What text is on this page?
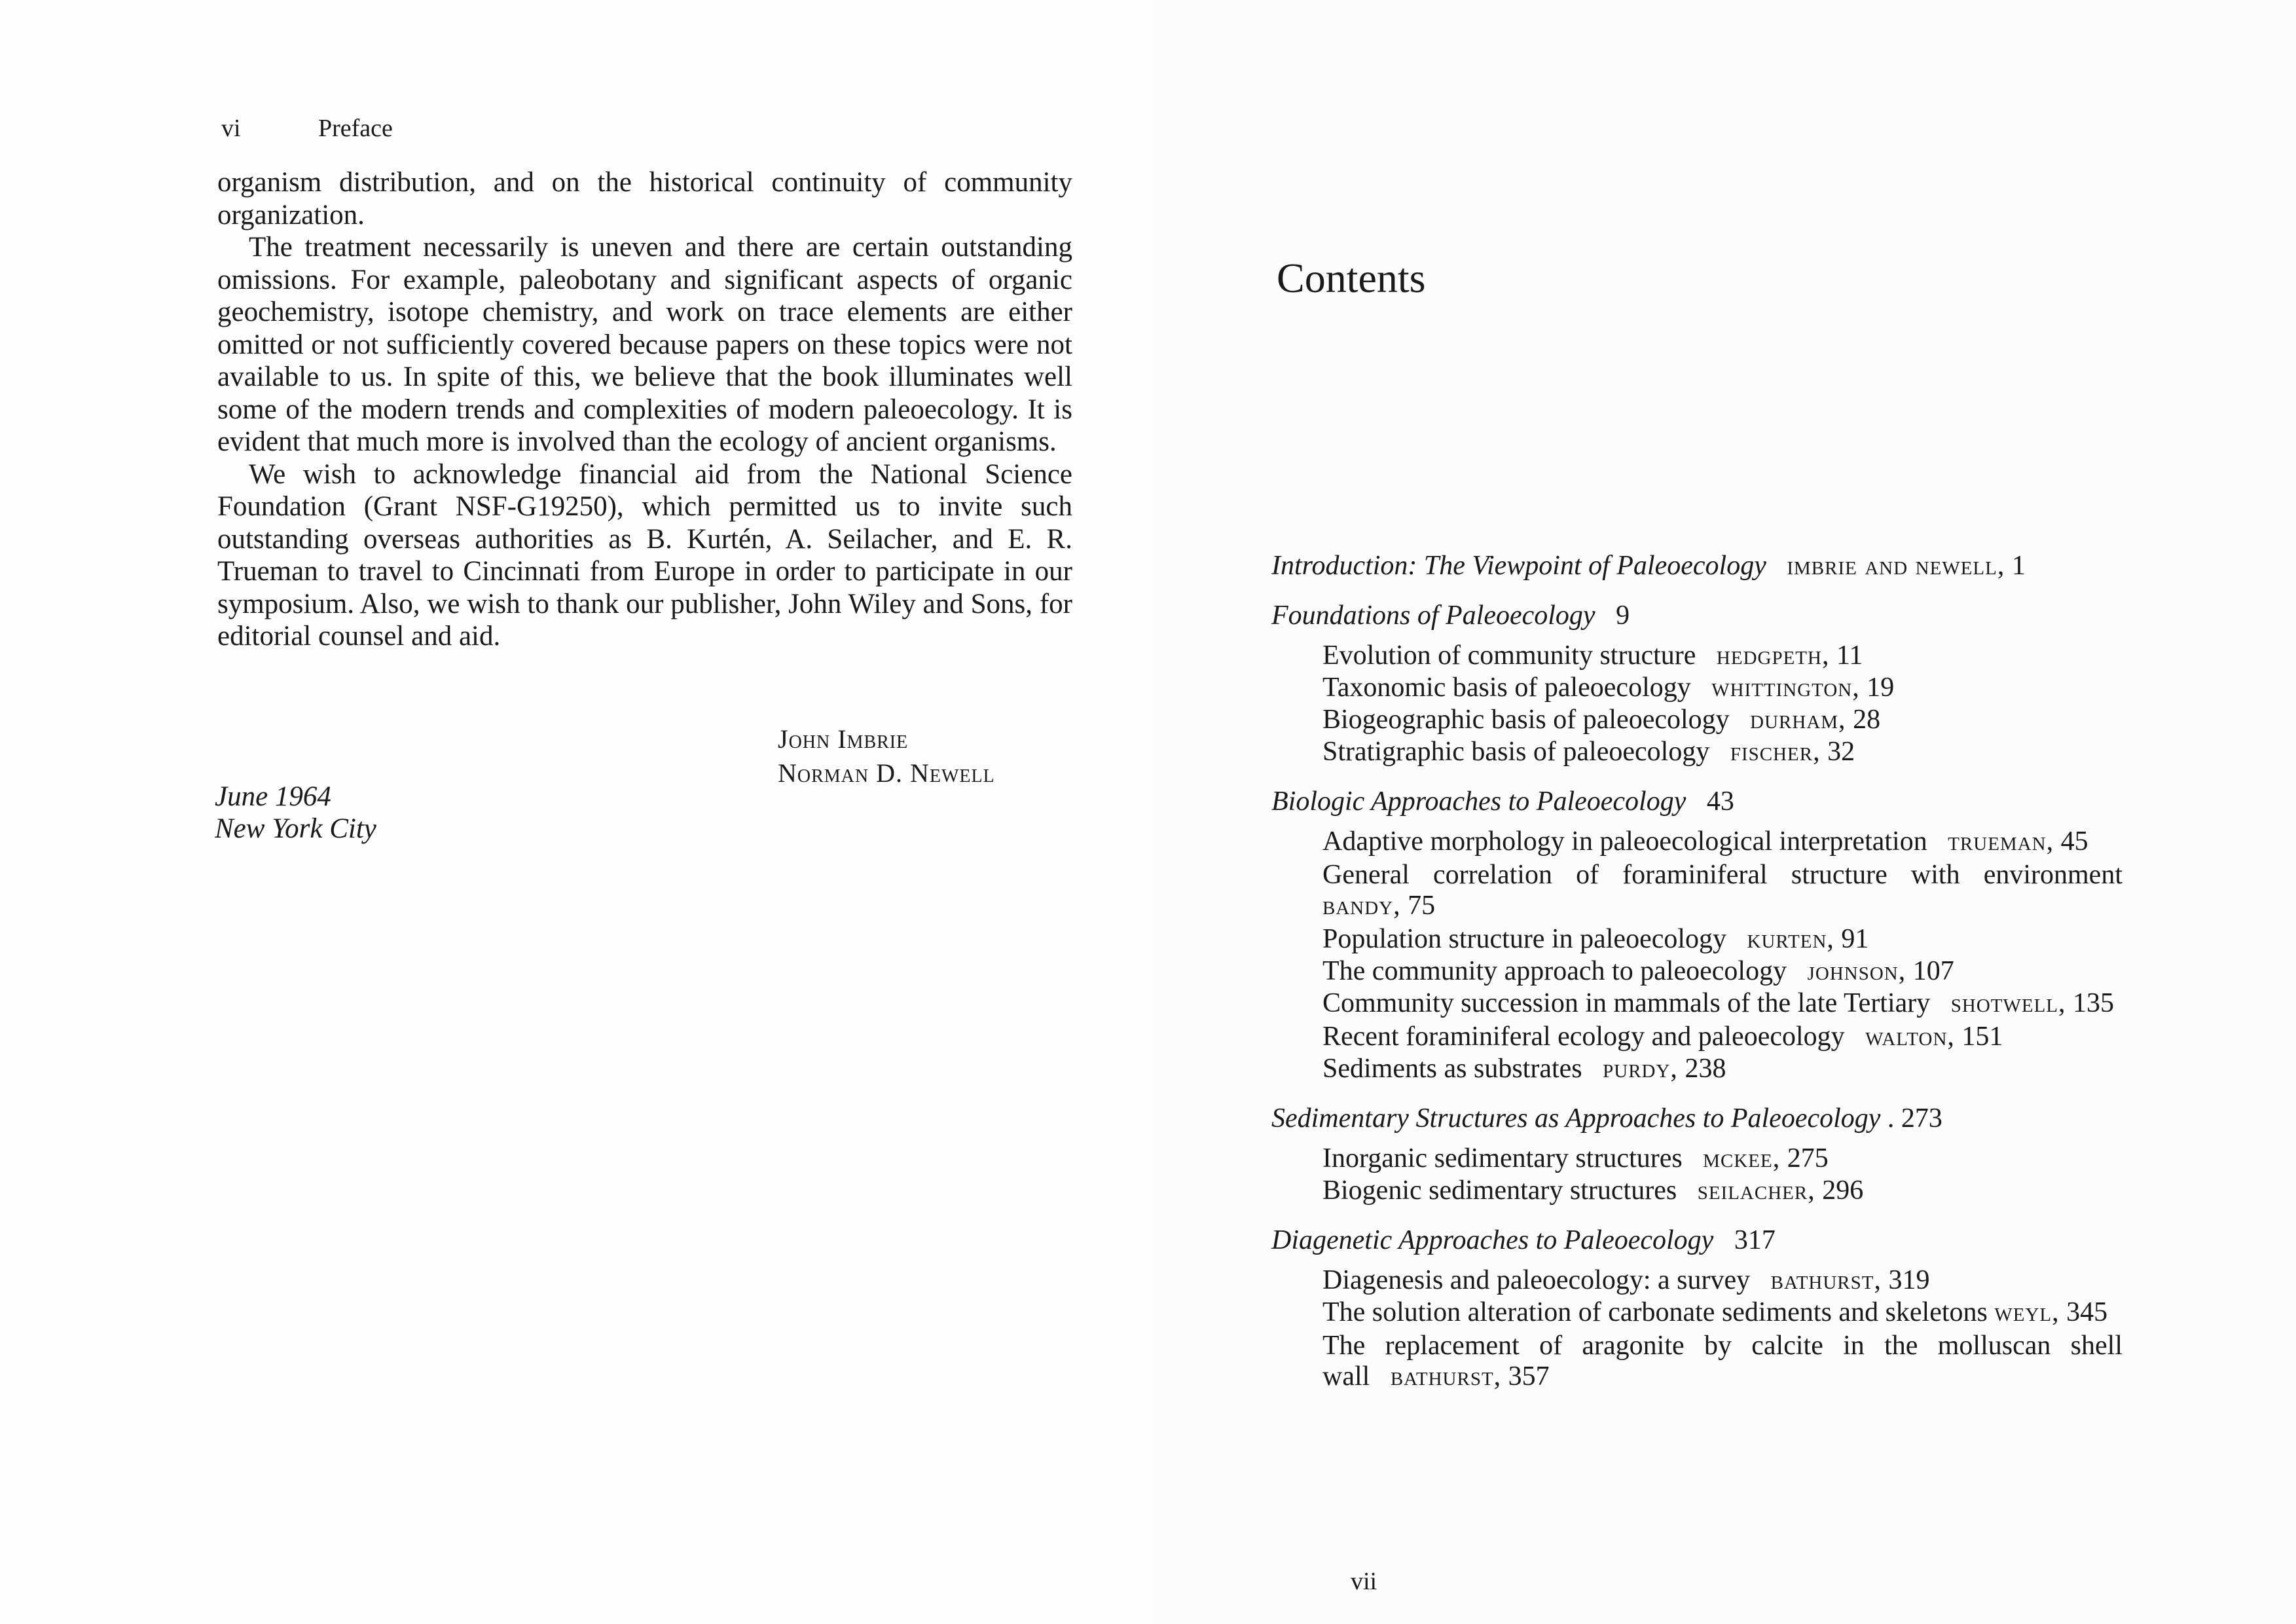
vi	Preface

organism distribution, and on the historical continuity of community organization.

The treatment necessarily is uneven and there are certain outstanding omissions. For example, paleobotany and significant aspects of organic geochemistry, isotope chemistry, and work on trace elements are either omitted or not sufficiently covered because papers on these topics were not available to us. In spite of this, we believe that the book illuminates well some of the modern trends and complexities of modern paleoecology. It is evident that much more is involved than the ecology of ancient organisms.

We wish to acknowledge financial aid from the National Science Foundation (Grant NSF-G19250), which permitted us to invite such outstanding overseas authorities as B. Kurtén, A. Seilacher, and E. R. Trueman to travel to Cincinnati from Europe in order to participate in our symposium. Also, we wish to thank our publisher, John Wiley and Sons, for editorial counsel and aid.

John Imbrie
Norman D. Newell
June 1964
New York City
Contents
Introduction: The Viewpoint of Paleoecology imbrie and newell, 1
Foundations of Paleoecology 9
Evolution of community structure hedgpeth, 11
Taxonomic basis of paleoecology whittington, 19
Biogeographic basis of paleoecology durham, 28
Stratigraphic basis of paleoecology fischer, 32
Biologic Approaches to Paleoecology 43
Adaptive morphology in paleoecological interpretation trueman, 45
General correlation of foraminiferal structure with environment bandy, 75
Population structure in paleoecology kurten, 91
The community approach to paleoecology johnson, 107
Community succession in mammals of the late Tertiary shotwell, 135
Recent foraminiferal ecology and paleoecology walton, 151
Sediments as substrates purdy, 238
Sedimentary Structures as Approaches to Paleoecology . 273
Inorganic sedimentary structures mckee, 275
Biogenic sedimentary structures seilacher, 296
Diagenetic Approaches to Paleoecology 317
Diagenesis and paleoecology: a survey bathurst, 319
The solution alteration of carbonate sediments and skeletons weyl, 345
The replacement of aragonite by calcite in the molluscan shell wall bathurst, 357
vii
